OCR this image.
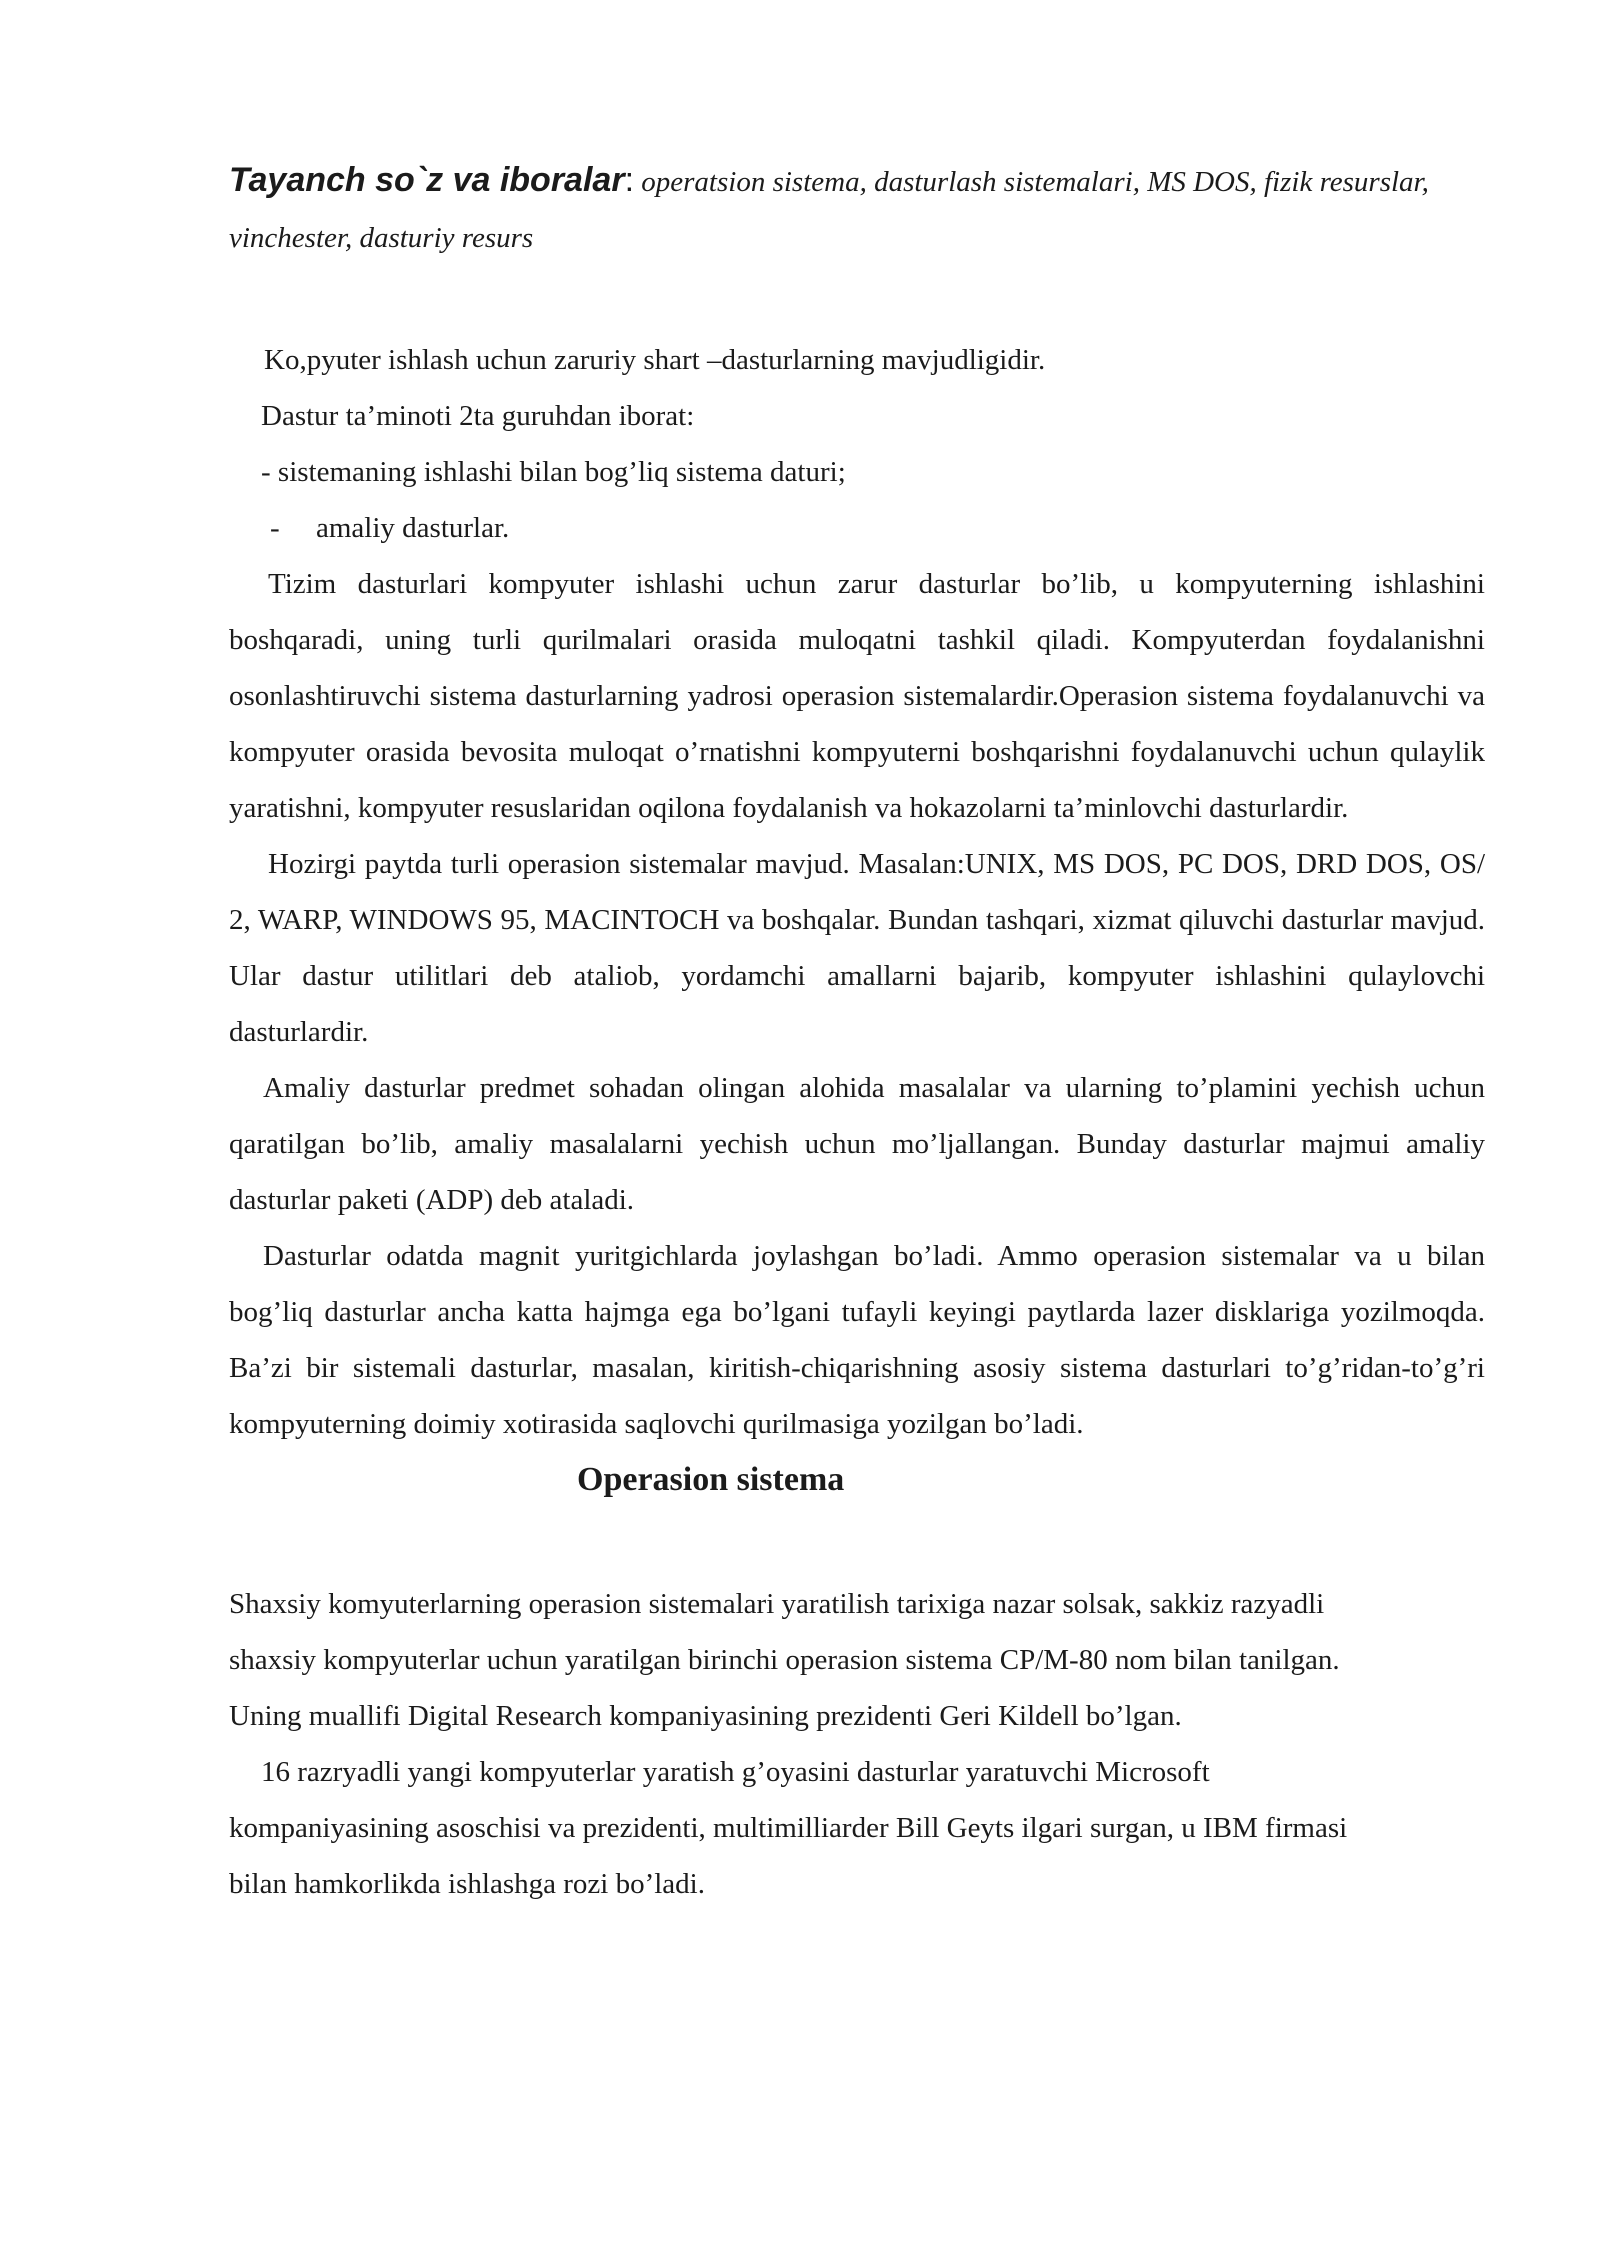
Tayanch so`z va iboralar: operatsion sistema, dasturlash sistemalari, MS DOS, fizik resurslar, vinchester, dasturiy resurs

Ko,pyuter ishlash uchun zaruriy shart –dasturlarning mavjudligidir.

Dastur ta’minoti 2ta guruhdan iborat:

- sistemaning ishlashi bilan bog’liq sistema daturi;

- amaliy dasturlar.

Tizim dasturlari kompyuter ishlashi uchun zarur dasturlar bo’lib, u kompyuterning ishlashini boshqaradi, uning turli qurilmalari orasida muloqatni tashkil qiladi. Kompyuterdan foydalanishni osonlashtiruvchi sistema dasturlarning yadrosi operasion sistemalardir.Operasion sistema foydalanuvchi va kompyuter orasida bevosita muloqat o’rnatishni kompyuterni boshqarishni foydalanuvchi uchun qulaylik yaratishni, kompyuter resuslaridan oqilona foydalanish va hokazolarni ta’minlovchi dasturlardir.

Hozirgi paytda turli operasion sistemalar mavjud. Masalan:UNIX, MS DOS, PC DOS, DRD DOS, OS/ 2, WARP, WINDOWS 95, MACINTOCH va boshqalar. Bundan tashqari, xizmat qiluvchi dasturlar mavjud. Ular dastur utilitlari deb ataliob, yordamchi amallarni bajarib, kompyuter ishlashini qulaylovchi dasturlardir.

Amaliy dasturlar predmet sohadan olingan alohida masalalar va ularning to’plamini yechish uchun qaratilgan bo’lib, amaliy masalalarni yechish uchun mo’ljallangan. Bunday dasturlar majmui amaliy dasturlar paketi (ADP) deb ataladi.

Dasturlar odatda magnit yuritgichlarda joylashgan bo’ladi. Ammo operasion sistemalar va u bilan bog’liq dasturlar ancha katta hajmga ega bo’lgani tufayli keyingi paytlarda lazer disklariga yozilmoqda. Ba’zi bir sistemali dasturlar, masalan, kiritish-chiqarishning asosiy sistema dasturlari to’g’ridan-to’g’ri kompyuterning doimiy xotirasida saqlovchi qurilmasiga yozilgan bo’ladi.

Operasion sistema

Shaxsiy komyuterlarning operasion sistemalari yaratilish tarixiga nazar solsak, sakkiz razyadli

shaxsiy kompyuterlar uchun yaratilgan birinchi operasion sistema CP/M-80 nom bilan tanilgan.

Uning muallifi Digital Research kompaniyasining prezidenti Geri Kildell bo’lgan.

16 razryadli yangi kompyuterlar yaratish g’oyasini dasturlar yaratuvchi Microsoft

kompaniyasining asoschisi va prezidenti, multimilliarder Bill Geyts ilgari surgan, u IBM firmasi

bilan hamkorlikda ishlashga rozi bo’ladi.
